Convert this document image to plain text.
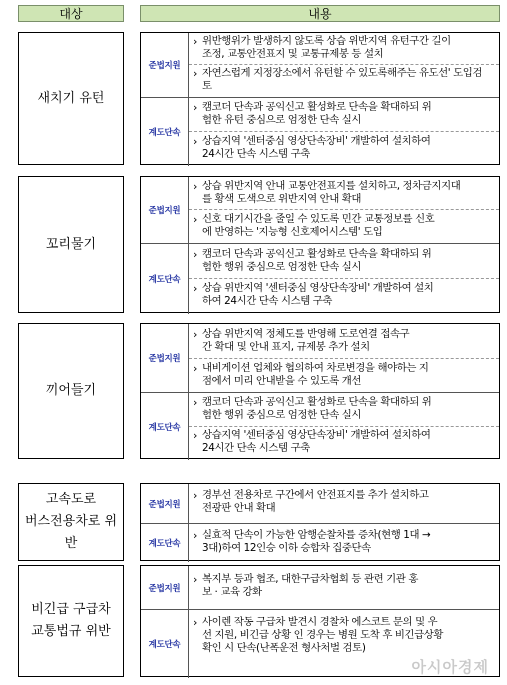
대상	내용
새치기 유턴
준법지원
› 위반행위가 발생하지 않도록 상습 위반지역 유턴구간 길이
조정, 교통안전표지 및 교통규제봉 등 설치
› 자연스럽게 지정장소에서 유턴할 수 있도록해주는 유도선' 도입검
토
계도단속
› 캠코더 단속과 공익신고 활성화로 단속을 확대하되 위
험한 유턴 중심으로 엄정한 단속 실시
› 상습지역 '센터중심 영상단속장비' 개발하여 설치하여
24시간 단속 시스템 구축
꼬리물기
준법지원
› 상습 위반지역 안내 교통안전표지를 설치하고, 정차금지지대
를 황색 도색으로 위반지역 안내 확대
› 신호 대기시간을 줄일 수 있도록 민간 교통정보를 신호
에 반영하는 '지능형 신호제어시스템' 도입
계도단속
› 캠코더 단속과 공익신고 활성화로 단속을 확대하되 위
험한 행위 중심으로 엄정한 단속 실시
› 상습 위반지역 '센터중심 영상단속장비' 개발하여 설치
하여 24시간 단속 시스템 구축
끼어들기
준법지원
› 상습 위반지역 정체도를 반영해 도로연결 접속구
간 확대 및 안내 표지, 규제봉 추가 설치
› 내비게이션 업체와 협의하여 차로변경을 해야하는 지
점에서 미리 안내받을 수 있도록 개선
계도단속
› 캠코더 단속과 공익신고 활성화로 단속을 확대하되 위
험한 행위 중심으로 엄정한 단속 실시
› 상습지역 '센터중심 영상단속장비' 개발하여 설치하여
24시간 단속 시스템 구축
고속도로
버스전용차로 위반
준법지원
› 경부선 전용차로 구간에서 안전표지를 추가 설치하고
전광판 안내 확대
계도단속
› 실효적 단속이 가능한 암행순찰차를 증차(현행 1대 →
3대)하여 12인승 이하 승합차 집중단속
비긴급 구급차
교통법규 위반
준법지원
› 복지부 등과 협조, 대한구급차협회 등 관련 기관 홍
보 · 교육 강화
계도단속
› 사이렌 작동 구급차 발견시 경찰차 에스코트 문의 및 우
선 지원, 비긴급 상황 인 경우는 병원 도착 후 비긴급상황
확인 시 단속(난폭운전 형사처벌 검토)
아시아경제
